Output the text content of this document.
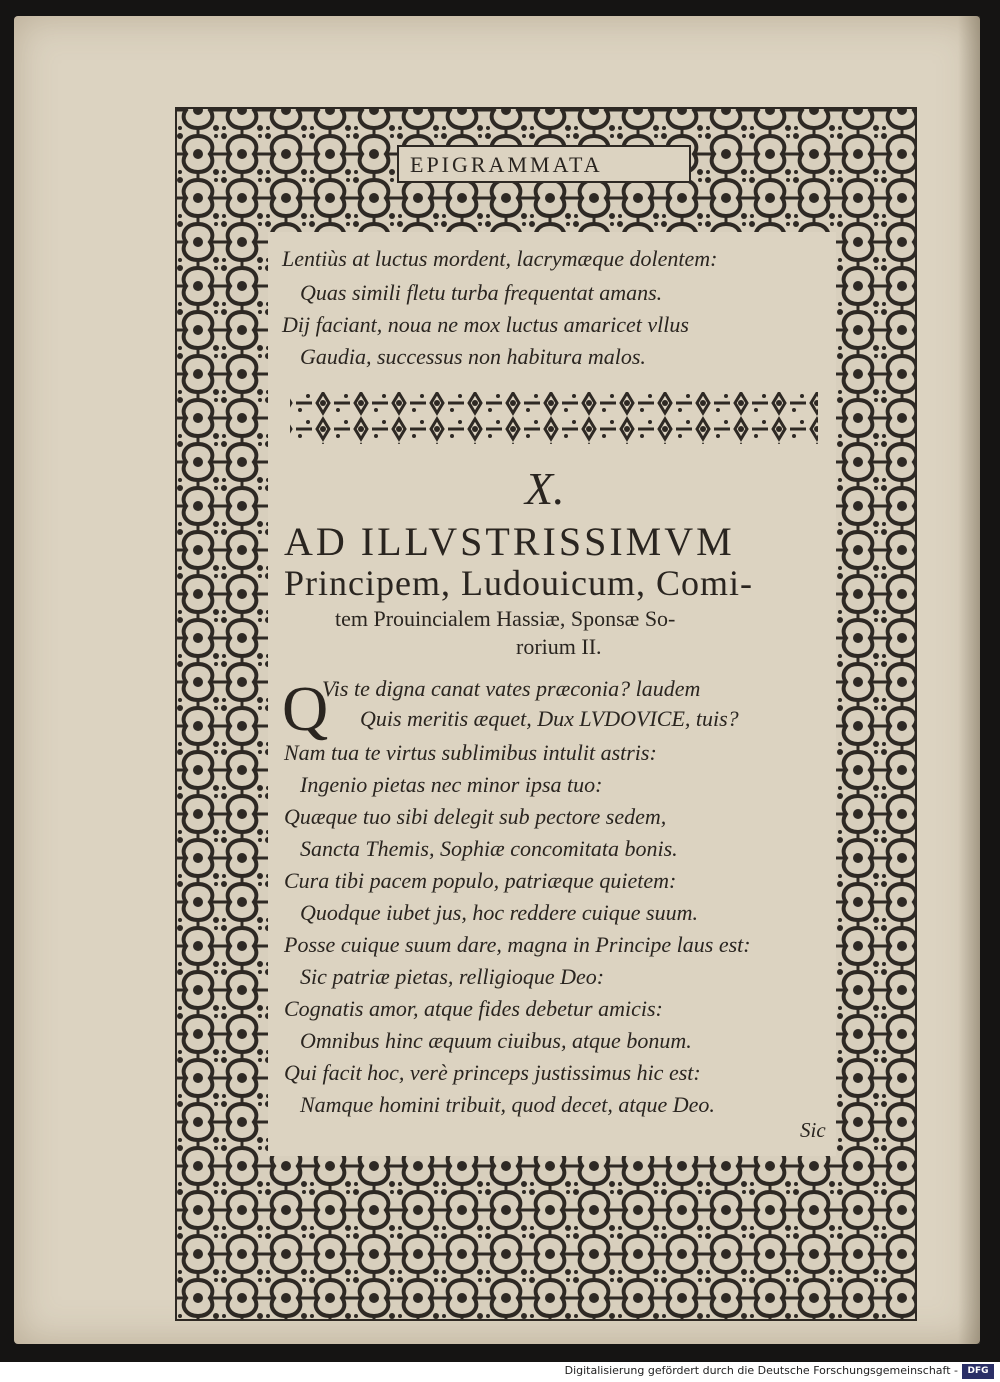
EPIGRAMMATA
Lentiùs at luctus mordent, lacrymæque dolentem:
Quas simili fletu turba frequentat amans.
Dij faciant, noua ne mox luctus amaricet vllus
Gaudia, successus non habitura malos.
X.
AD ILLVSTRISSIMVM
Principem, Ludouicum, Comi-
tem Prouincialem Hassiæ, Sponsæ So-
rorium II.
Q
Vis te digna canat vates præconia? laudem
Quis meritis æquet, Dux LVDOVICE, tuis?
Nam tua te virtus sublimibus intulit astris:
Ingenio pietas nec minor ipsa tuo:
Quæque tuo sibi delegit sub pectore sedem,
Sancta Themis, Sophiæ concomitata bonis.
Cura tibi pacem populo, patriæque quietem:
Quodque iubet jus, hoc reddere cuique suum.
Posse cuique suum dare, magna in Principe laus est:
Sic patriæ pietas, relligioque Deo:
Cognatis amor, atque fides debetur amicis:
Omnibus hinc æquum ciuibus, atque bonum.
Qui facit hoc, verè princeps justissimus hic est:
Namque homini tribuit, quod decet, atque Deo.
Sic
Digitalisierung gefördert durch die Deutsche Forschungsgemeinschaft -	DFG
